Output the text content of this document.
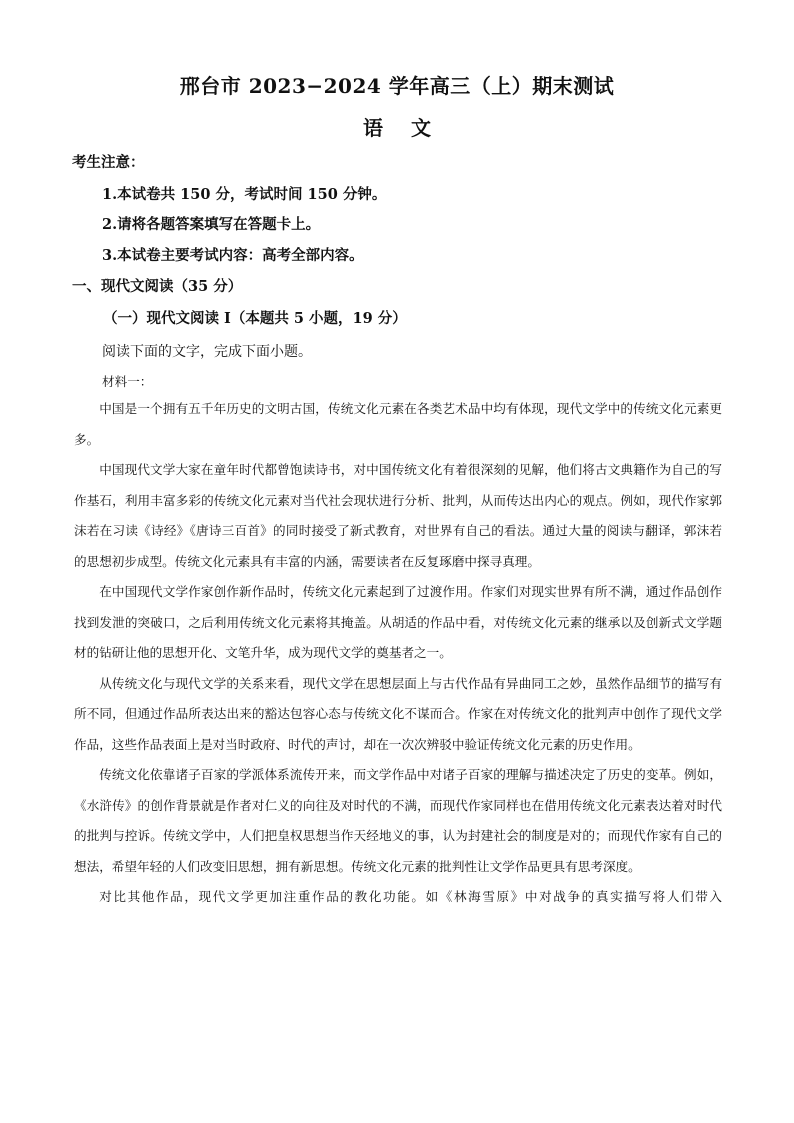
邢台市 2023−2024 学年高三（上）期末测试
语文
考生注意：
1.本试卷共 150 分，考试时间 150 分钟。
2.请将各题答案填写在答题卡上。
3.本试卷主要考试内容：高考全部内容。
一、现代文阅读（35 分）
（一）现代文阅读 I（本题共 5 小题，19 分）
阅读下面的文字，完成下面小题。
材料一：

中国是一个拥有五千年历史的文明古国，传统文化元素在各类艺术品中均有体现，现代文学中的传统文化元素更多。

中国现代文学大家在童年时代都曾饱读诗书，对中国传统文化有着很深刻的见解，他们将古文典籍作为自己的写作基石，利用丰富多彩的传统文化元素对当代社会现状进行分析、批判，从而传达出内心的观点。例如，现代作家郭沫若在习读《诗经》《唐诗三百首》的同时接受了新式教育，对世界有自己的看法。通过大量的阅读与翻译，郭沫若的思想初步成型。传统文化元素具有丰富的内涵，需要读者在反复琢磨中探寻真理。

在中国现代文学作家创作新作品时，传统文化元素起到了过渡作用。作家们对现实世界有所不满，通过作品创作找到发泄的突破口，之后利用传统文化元素将其掩盖。从胡适的作品中看，对传统文化元素的继承以及创新式文学题材的钻研让他的思想开化、文笔升华，成为现代文学的奠基者之一。

从传统文化与现代文学的关系来看，现代文学在思想层面上与古代作品有异曲同工之妙，虽然作品细节的描写有所不同，但通过作品所表达出来的豁达包容心态与传统文化不谋而合。作家在对传统文化的批判声中创作了现代文学作品，这些作品表面上是对当时政府、时代的声讨，却在一次次辨驳中验证传统文化元素的历史作用。

传统文化依靠诸子百家的学派体系流传开来，而文学作品中对诸子百家的理解与描述决定了历史的变革。例如，《水浒传》的创作背景就是作者对仁义的向往及对时代的不满，而现代作家同样也在借用传统文化元素表达着对时代的批判与控诉。传统文学中，人们把皇权思想当作天经地义的事，认为封建社会的制度是对的；而现代作家有自己的想法，希望年轻的人们改变旧思想，拥有新思想。传统文化元素的批判性让文学作品更具有思考深度。

对比其他作品，现代文学更加注重作品的教化功能。如《林海雪原》中对战争的真实描写将人们带入
